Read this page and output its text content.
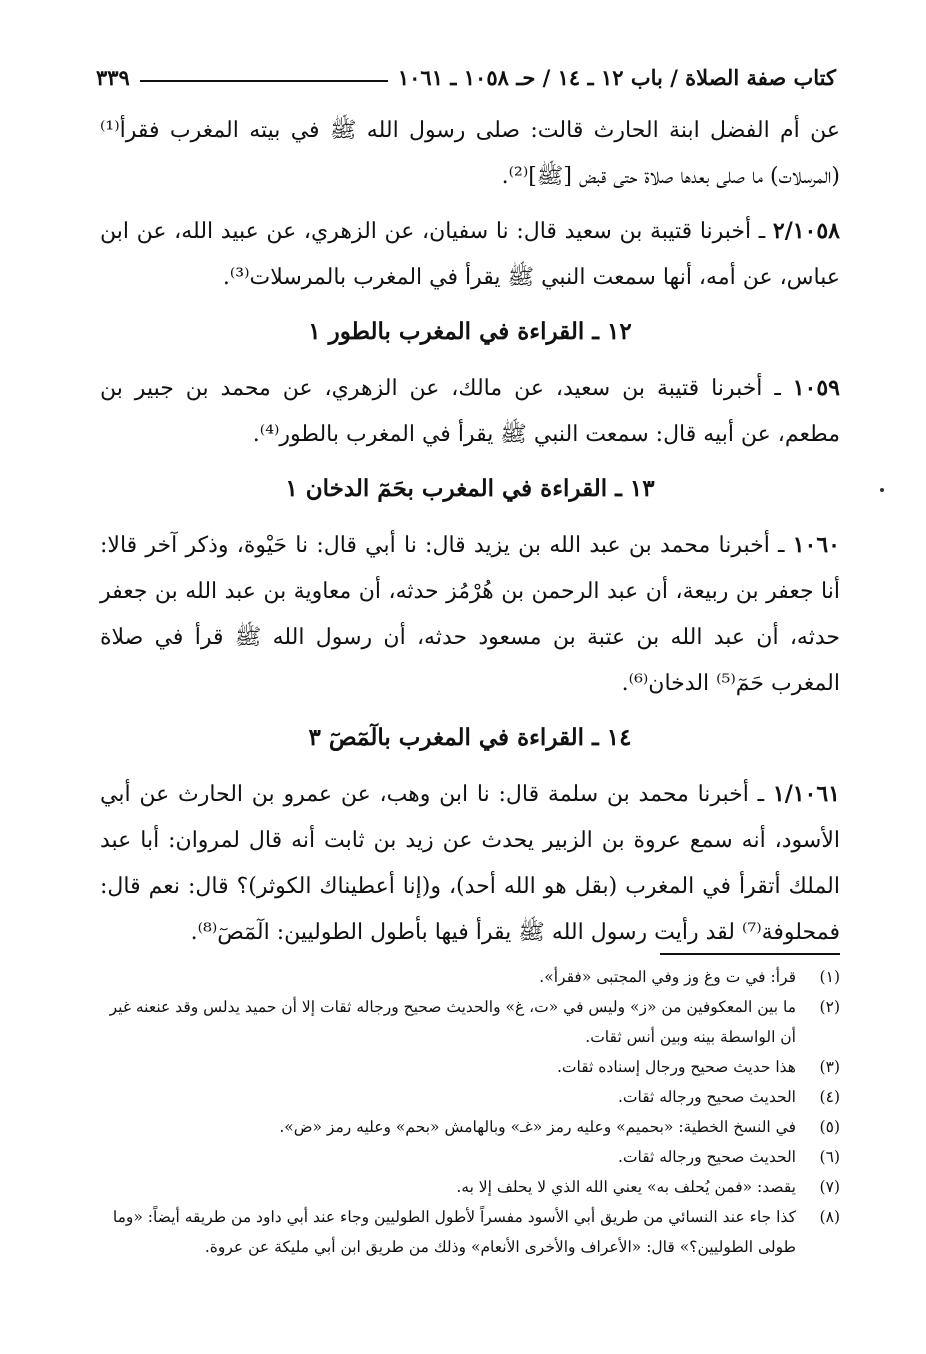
كتاب صفة الصلاة / باب ١٢ ـ ١٤ / حـ ١٠٥٨ ـ ١٠٦١
٣٣٩

عن أم الفضل ابنة الحارث قالت: صلى رسول الله ﷺ في بيته المغرب فقرأ⁽¹⁾ (المرسلات) ما صلى بعدها صلاة حتى قبض [ﷺ]⁽²⁾.

٢/١٠٥٨ ـ أخبرنا قتيبة بن سعيد قال: نا سفيان، عن الزهري، عن عبيد الله، عن ابن عباس، عن أمه، أنها سمعت النبي ﷺ يقرأ في المغرب بالمرسلات⁽³⁾.

١٢ ـ القراءة في المغرب بالطور ١

١٠٥٩ ـ أخبرنا قتيبة بن سعيد، عن مالك، عن الزهري، عن محمد بن جبير بن مطعم، عن أبيه قال: سمعت النبي ﷺ يقرأ في المغرب بالطور⁽⁴⁾.

١٣ ـ القراءة في المغرب بحَمٓ الدخان ١

١٠٦٠ ـ أخبرنا محمد بن عبد الله بن يزيد قال: نا أبي قال: نا حَيْوة، وذكر آخر قالا: أنا جعفر بن ربيعة، أن عبد الرحمن بن هُرْمُز حدثه، أن معاوية بن عبد الله بن جعفر حدثه، أن عبد الله بن عتبة بن مسعود حدثه، أن رسول الله ﷺ قرأ في صلاة المغرب حَمٓ⁽⁵⁾ الدخان⁽⁶⁾.

١٤ ـ القراءة في المغرب بالٓمٓصٓ ٣

١/١٠٦١ ـ أخبرنا محمد بن سلمة قال: نا ابن وهب، عن عمرو بن الحارث عن أبي الأسود، أنه سمع عروة بن الزبير يحدث عن زيد بن ثابت أنه قال لمروان: أبا عبد الملك أتقرأ في المغرب (بقل هو الله أحد)، و(إنا أعطيناك الكوثر)؟ قال: نعم قال: فمحلوفة⁽⁷⁾ لقد رأيت رسول الله ﷺ يقرأ فيها بأطول الطوليين: الٓمٓصٓ⁽⁸⁾.

(١)
قرأ: في ت وغ وز وفي المجتبى «فقرأ».
(٢)
ما بين المعكوفين من «ز» وليس في «ت، غ» والحديث صحيح ورجاله ثقات إلا أن حميد يدلس وقد عنعنه غير أن الواسطة بينه وبين أنس ثقات.
(٣)
هذا حديث صحيح ورجال إسناده ثقات.
(٤)
الحديث صحيح ورجاله ثقات.
(٥)
في النسخ الخطية: «بحميم» وعليه رمز «غـ» وبالهامش «بحم» وعليه رمز «ض».
(٦)
الحديث صحيح ورجاله ثقات.
(٧)
يقصد: «فمن يُحلف به» يعني الله الذي لا يحلف إلا به.
(٨)
كذا جاء عند النسائي من طريق أبي الأسود مفسراً لأطول الطوليين وجاء عند أبي داود من طريقه أيضاً: «وما طولى الطوليين؟» قال: «الأعراف والأخرى الأنعام» وذلك من طريق ابن أبي مليكة عن عروة.
